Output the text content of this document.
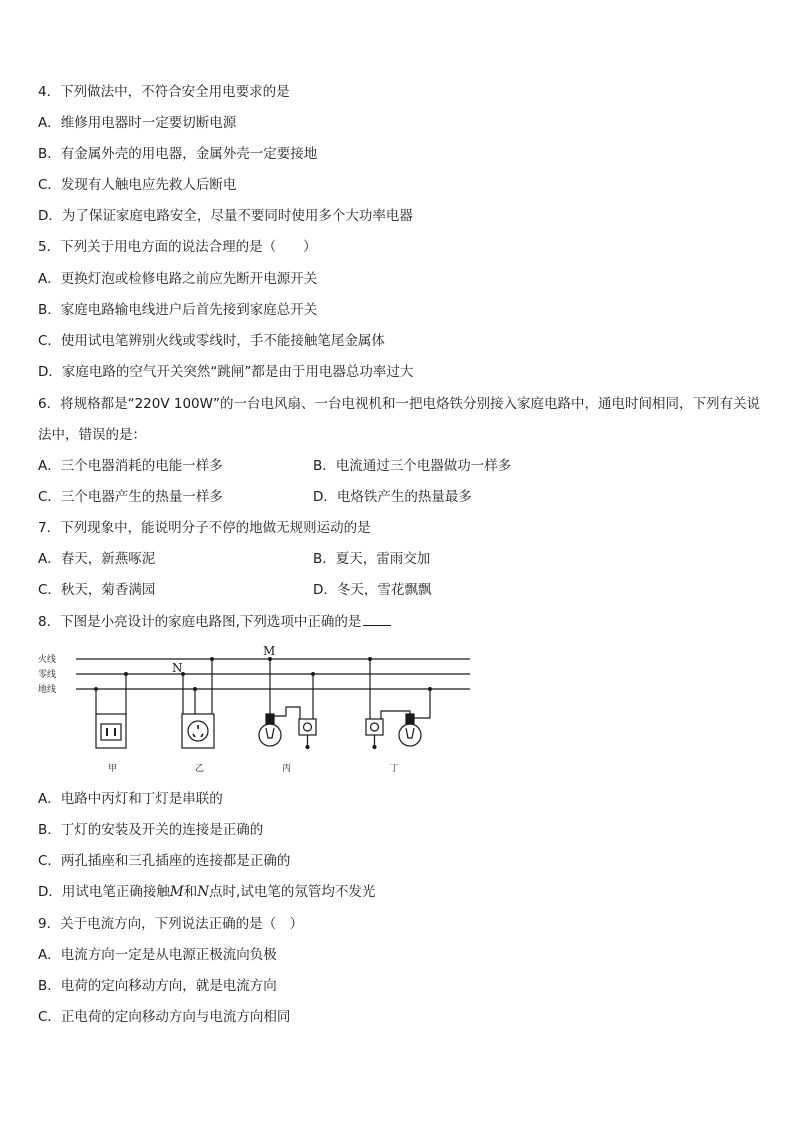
4．下列做法中，不符合安全用电要求的是
A．维修用电器时一定要切断电源
B．有金属外壳的用电器，金属外壳一定要接地
C．发现有人触电应先救人后断电
D．为了保证家庭电路安全，尽量不要同时使用多个大功率电器
5．下列关于用电方面的说法合理的是（　　）
A．更换灯泡或检修电路之前应先断开电源开关
B．家庭电路输电线进户后首先接到家庭总开关
C．使用试电笔辨别火线或零线时，手不能接触笔尾金属体
D．家庭电路的空气开关突然“跳闸”都是由于用电器总功率过大
6．将规格都是“220V 100W”的一台电风扇、一台电视机和一把电烙铁分别接入家庭电路中，通电时间相同，下列有关说法中，错误的是：
A．三个电器消耗的电能一样多	B．电流通过三个电器做功一样多
C．三个电器产生的热量一样多	D．电烙铁产生的热量最多
7．下列现象中，能说明分子不停的地做无规则运动的是
A．春天，新燕啄泥	B．夏天，雷雨交加
C．秋天，菊香满园	D．冬天，雪花飘飘
8．下图是小亮设计的家庭电路图,下列选项中正确的是
火线
零线
地线
N
M
甲	乙	丙	丁
A．电路中丙灯和丁灯是串联的
B．丁灯的安装及开关的连接是正确的
C．两孔插座和三孔插座的连接都是正确的
D．用试电笔正确接触M和N点时,试电笔的氖管均不发光
9．关于电流方向，下列说法正确的是（　）
A．电流方向一定是从电源正极流向负极
B．电荷的定向移动方向，就是电流方向
C．正电荷的定向移动方向与电流方向相同
